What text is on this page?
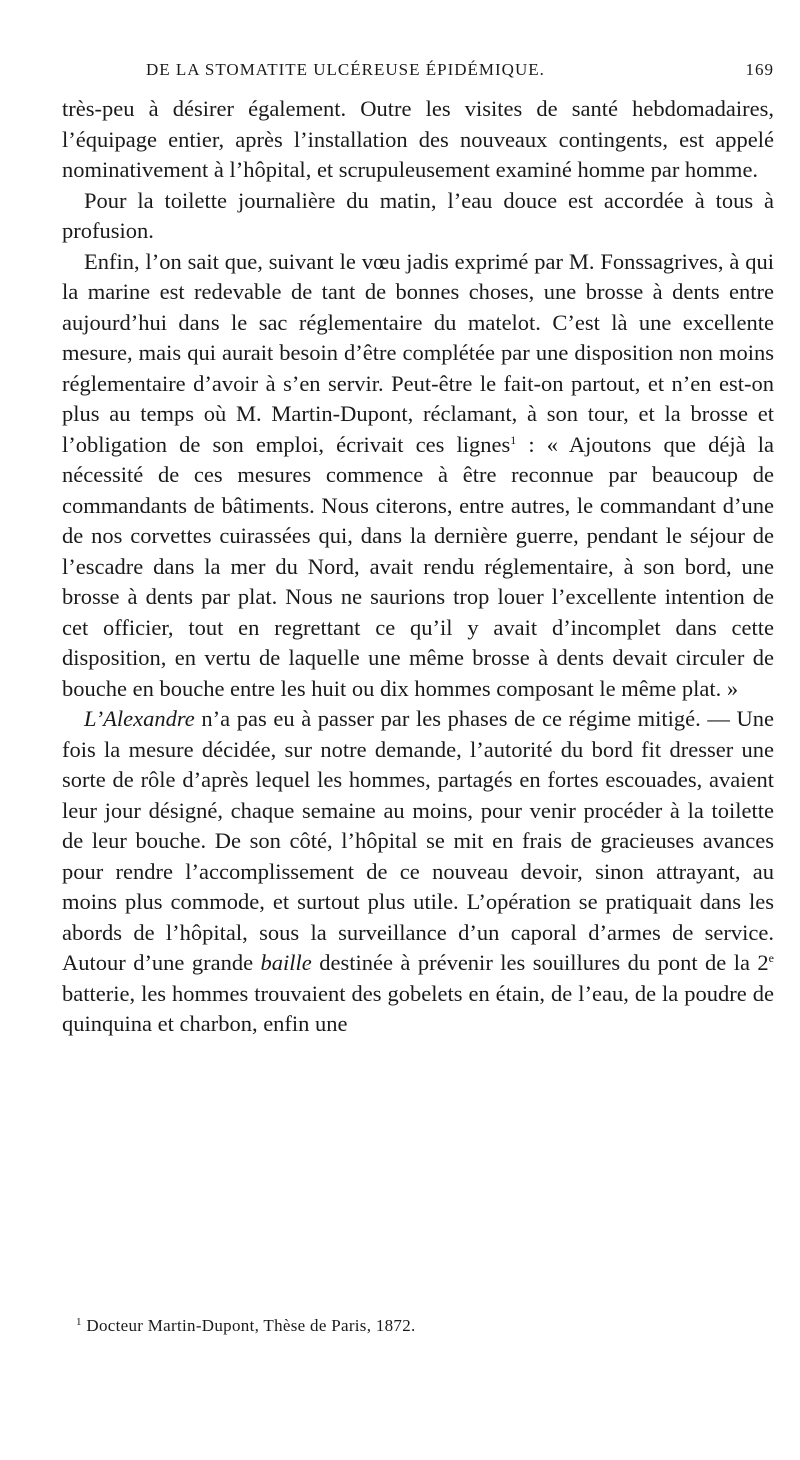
DE LA STOMATITE ULCÉREUSE ÉPIDÉMIQUE.	169

très-peu à désirer également. Outre les visites de santé hebdomadaires, l’équipage entier, après l’installation des nouveaux contingents, est appelé nominativement à l’hôpital, et scrupuleusement examiné homme par homme.

Pour la toilette journalière du matin, l’eau douce est accordée à tous à profusion.

Enfin, l’on sait que, suivant le vœu jadis exprimé par M. Fonssagrives, à qui la marine est redevable de tant de bonnes choses, une brosse à dents entre aujourd’hui dans le sac réglementaire du matelot. C’est là une excellente mesure, mais qui aurait besoin d’être complétée par une disposition non moins réglementaire d’avoir à s’en servir. Peut-être le fait-on partout, et n’en est-on plus au temps où M. Martin-Dupont, réclamant, à son tour, et la brosse et l’obligation de son emploi, écrivait ces lignes$^1$ : « Ajoutons que déjà la nécessité de ces mesures commence à être reconnue par beaucoup de commandants de bâtiments. Nous citerons, entre autres, le commandant d’une de nos corvettes cuirassées qui, dans la dernière guerre, pendant le séjour de l’escadre dans la mer du Nord, avait rendu réglementaire, à son bord, une brosse à dents par plat. Nous ne saurions trop louer l’excellente intention de cet officier, tout en regrettant ce qu’il y avait d’incomplet dans cette disposition, en vertu de laquelle une même brosse à dents devait circuler de bouche en bouche entre les huit ou dix hommes composant le même plat. »

L’Alexandre n’a pas eu à passer par les phases de ce régime mitigé. — Une fois la mesure décidée, sur notre demande, l’autorité du bord fit dresser une sorte de rôle d’après lequel les hommes, partagés en fortes escouades, avaient leur jour désigné, chaque semaine au moins, pour venir procéder à la toilette de leur bouche. De son côté, l’hôpital se mit en frais de gracieuses avances pour rendre l’accomplissement de ce nouveau devoir, sinon attrayant, au moins plus commode, et surtout plus utile. L’opération se pratiquait dans les abords de l’hôpital, sous la surveillance d’un caporal d’armes de service. Autour d’une grande baille destinée à prévenir les souillures du pont de la 2e batterie, les hommes trouvaient des gobelets en étain, de l’eau, de la poudre de quinquina et charbon, enfin une

$^1$ Docteur Martin-Dupont, Thèse de Paris, 1872.
